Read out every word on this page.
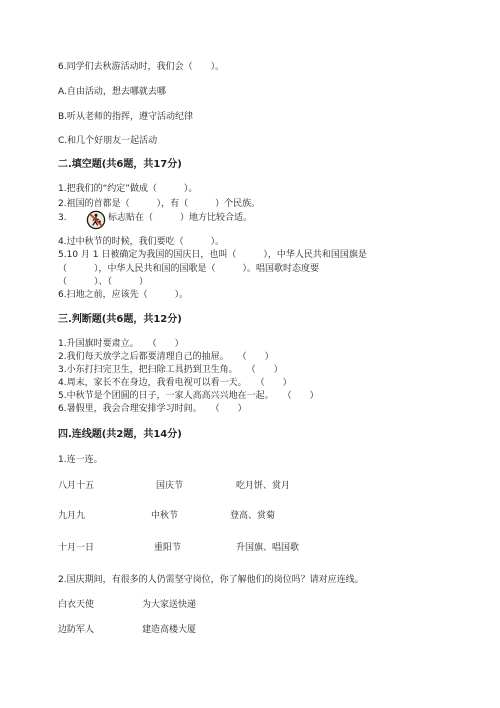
6.同学们去秋游活动时，我们会（　　）。
A.自由活动，想去哪就去哪
B.听从老师的指挥，遵守活动纪律
C.和几个好朋友一起活动
二.填空题(共6题，共17分)
1.把我们的“约定”做成（　　　）。
2.祖国的首都是（　　　），有（　　　）个民族。
3.	标志贴在（　　　）地方比较合适。
4.过中秋节的时候，我们要吃（　　　）。
5.10 月 1 日被确定为我国的国庆日，也叫（　　　），中华人民共和国国旗是
（　　　），中华人民共和国的国歌是（　　　）。唱国歌时态度要
（　　　）、（　　　）
6.扫地之前，应该先（　　　）。
三.判断题(共6题，共12分)
1.升国旗时要肃立。　　（　　）
2.我们每天放学之后都要清理自己的抽屉。　　（　　）
3.小东打扫完卫生，把扫除工具扔到卫生角。　　（　　）
4.周末，家长不在身边，我看电视可以看一天。　　（　　）
5.中秋节是个团圆的日子，一家人高高兴兴地在一起。　　（　　）
6.暑假里，我会合理安排学习时间。　　（　　）
四.连线题(共2题，共14分)
1.连一连。
八月十五	国庆节	吃月饼、赏月
九月九	中秋节	登高、赏菊
十月一日	重阳节	升国旗、唱国歌
2.国庆期间，有很多的人仍需坚守岗位，你了解他们的岗位吗？请对应连线。
白衣天使	为大家送快递
边防军人	建造高楼大厦
